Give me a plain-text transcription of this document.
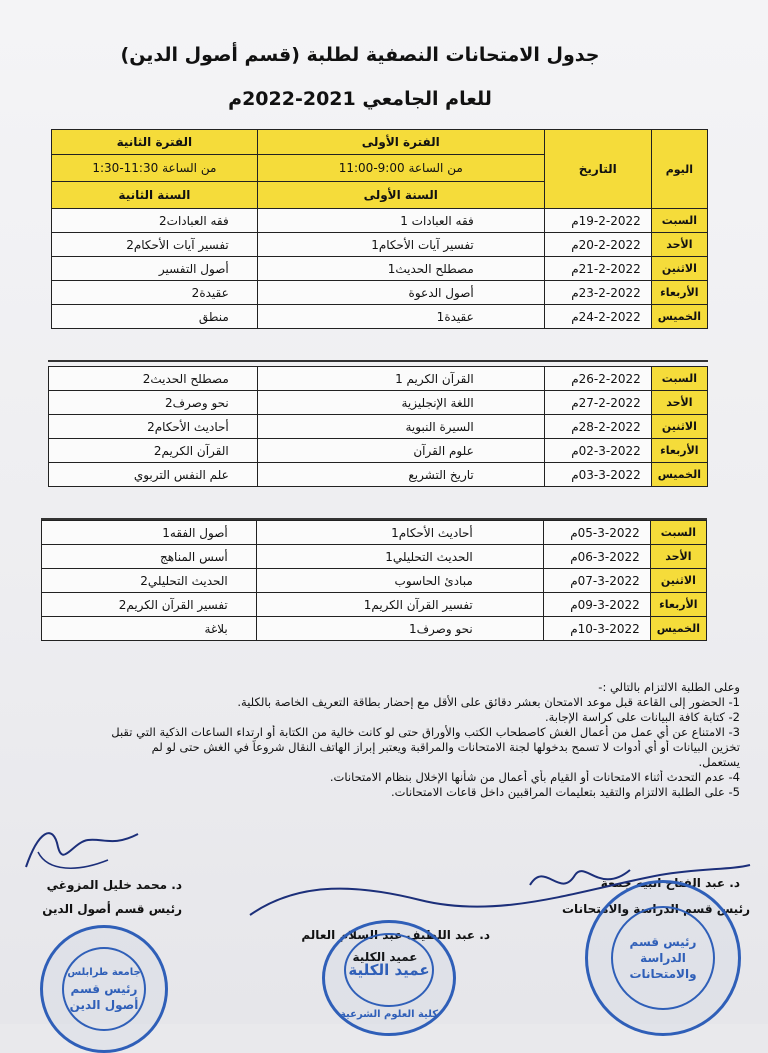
جدول الامتحانات النصفية لطلبة (قسم أصول الدين)
للعام الجامعي 2021-2022م
اليوم	التاريخ	الفترة الأولى	الفترة الثانية
		من الساعة 9:00-11:00	من الساعة 11:30-1:30
		السنة الأولى	السنة الثانية
السبت	19-2-2022م	فقه العبادات 1	فقه العبادات2
الأحد	20-2-2022م	تفسير آيات الأحكام1	تفسير آيات الأحكام2
الاثنين	21-2-2022م	مصطلح الحديث1	أصول التفسير
الأربعاء	23-2-2022م	أصول الدعوة	عقيدة2
الخميس	24-2-2022م	عقيدة1	منطق
السبت	26-2-2022م	القرآن الكريم 1	مصطلح الحديث2
الأحد	27-2-2022م	اللغة الإنجليزية	نحو وصرف2
الاثنين	28-2-2022م	السيرة النبوية	أحاديث الأحكام2
الأربعاء	02-3-2022م	علوم القرآن	القرآن الكريم2
الخميس	03-3-2022م	تاريخ التشريع	علم النفس التربوي
السبت	05-3-2022م	أحاديث الأحكام1	أصول الفقه1
الأحد	06-3-2022م	الحديث التحليلي1	أسس المناهج
الاثنين	07-3-2022م	مبادئ الحاسوب	الحديث التحليلي2
الأربعاء	09-3-2022م	تفسير القرآن الكريم1	تفسير القرآن الكريم2
الخميس	10-3-2022م	نحو وصرف1	بلاغة
وعلى الطلبة الالتزام بالتالي :-
1- الحضور إلى القاعة قبل موعد الامتحان بعشر دقائق على الأقل مع إحضار بطاقة التعريف الخاصة بالكلية.
2- كتابة كافة البيانات على كراسة الإجابة.
3- الامتناع عن أي عمل من أعمال الغش كاصطحاب الكتب والأوراق حتى لو كانت خالية من الكتابة أو ارتداء الساعات الذكية التي تقبل
تخزين البيانات أو أي أدوات لا تسمح بدخولها لجنة الامتحانات والمراقبة ويعتبر إبراز الهاتف النقال شروعاً في الغش حتى لو لم
يستعمل.
4- عدم التحدث أثناء الامتحانات أو القيام بأي أعمال من شأنها الإخلال بنظام الامتحانات.
5- على الطلبة الالتزام والتقيد بتعليمات المراقبين داخل قاعات الامتحانات.
د. محمد خليل المزوغي
رئيس قسم أصول الدين
د. عبد الفتاح انبيه جمعة
رئيس قسم الدراسة والامتحانات
د. عبد اللطيف عبد السلام العالم
عميد الكلية
جامعة طرابلس
رئيس قسم
أصول الدين
عميد الكلية
كلية العلوم الشرعية
رئيس قسم
الدراسة
والامتحانات
